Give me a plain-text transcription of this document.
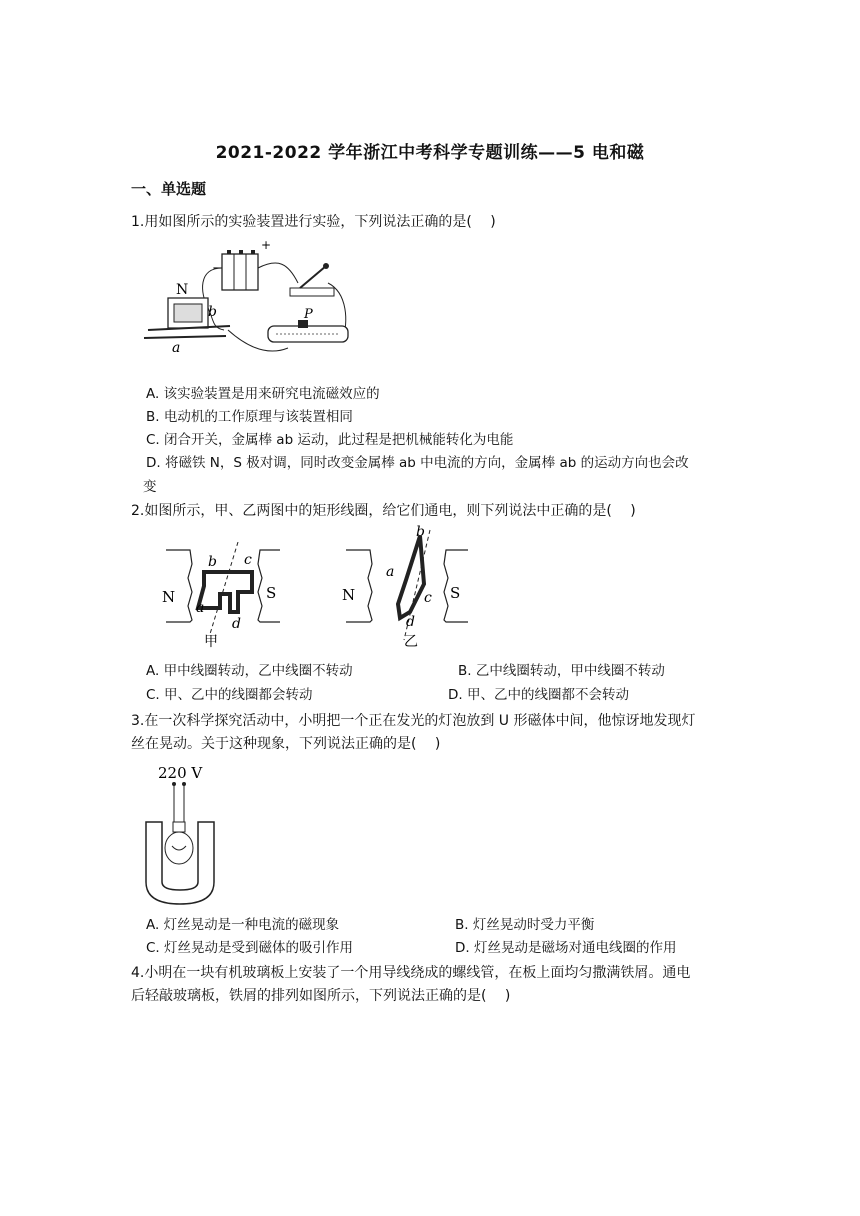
2021-2022 学年浙江中考科学专题训练——5 电和磁
一、单选题
1.用如图所示的实验装置进行实验，下列说法正确的是(　 )
−
+
N
b
a
P
A. 该实验装置是用来研究电流磁效应的
B. 电动机的工作原理与该装置相同
C. 闭合开关，金属棒 ab 运动，此过程是把机械能转化为电能
D. 将磁铁 N，S 极对调，同时改变金属棒 ab 中电流的方向，金属棒 ab 的运动方向也会改
变
2.如图所示，甲、乙两图中的矩形线圈，给它们通电，则下列说法中正确的是(　 )
N	S
b c
a
d
甲
N	S
b
a
c
d
乙
A. 甲中线圈转动，乙中线圈不转动	B. 乙中线圈转动，甲中线圈不转动
C. 甲、乙中的线圈都会转动	D. 甲、乙中的线圈都不会转动
3.在一次科学探究活动中，小明把一个正在发光的灯泡放到 U 形磁体中间，他惊讶地发现灯
丝在晃动。关于这种现象，下列说法正确的是(　 )
220 V
A. 灯丝晃动是一种电流的磁现象	B. 灯丝晃动时受力平衡
C. 灯丝晃动是受到磁体的吸引作用	D. 灯丝晃动是磁场对通电线圈的作用
4.小明在一块有机玻璃板上安装了一个用导线绕成的螺线管，在板上面均匀撒满铁屑。通电
后轻敲玻璃板，铁屑的排列如图所示，下列说法正确的是(　 )
